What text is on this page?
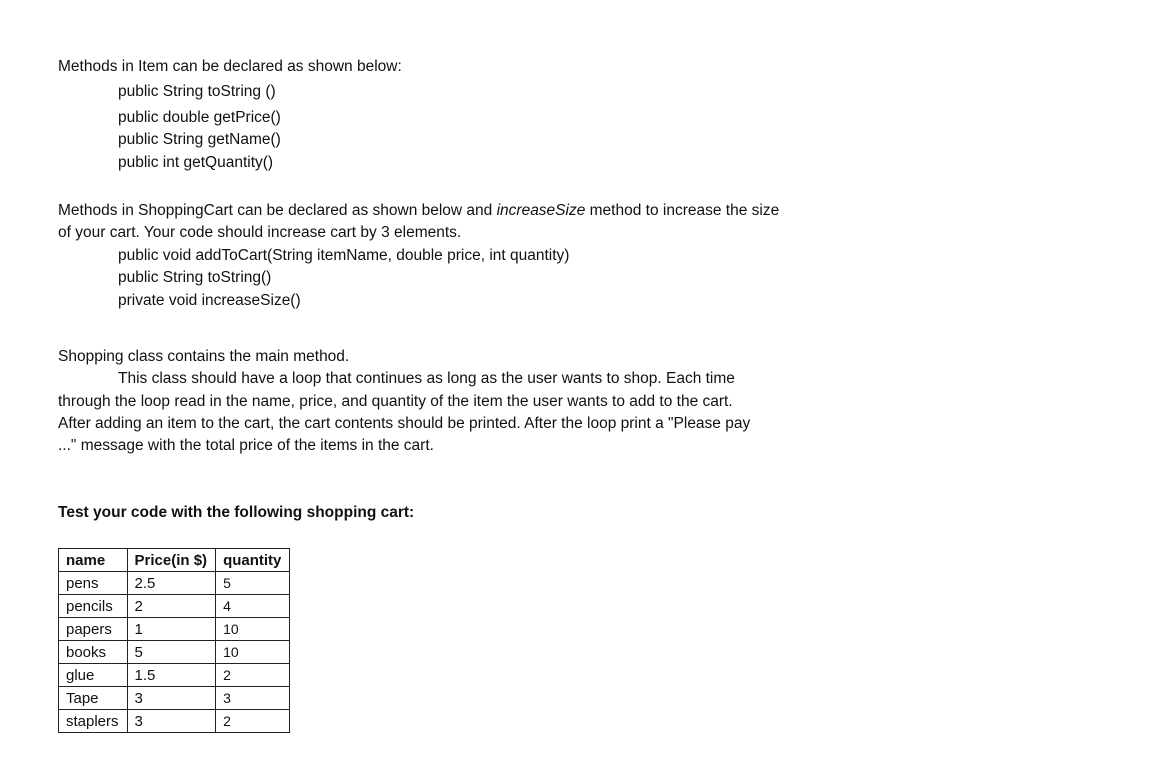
Methods in Item can be declared as shown below:
public String toString ()
public double getPrice()
public String getName()
public int getQuantity()
Methods in ShoppingCart can be declared as shown below and increaseSize method to increase the size
of your cart. Your code should increase cart by 3 elements.
public void addToCart(String itemName, double price, int quantity)
public String toString()
private void increaseSize()
Shopping class contains the main method.
This class should have a loop that continues as long as the user wants to shop. Each time
through the loop read in the name, price, and quantity of the item the user wants to add to the cart.
After adding an item to the cart, the cart contents should be printed. After the loop print a "Please pay
..." message with the total price of the items in the cart.
Test your code with the following shopping cart:
name	Price(in $)	quantity
pens	2.5	5
pencils	2	4
papers	1	10
books	5	10
glue	1.5	2
Tape	3	3
staplers	3	2
